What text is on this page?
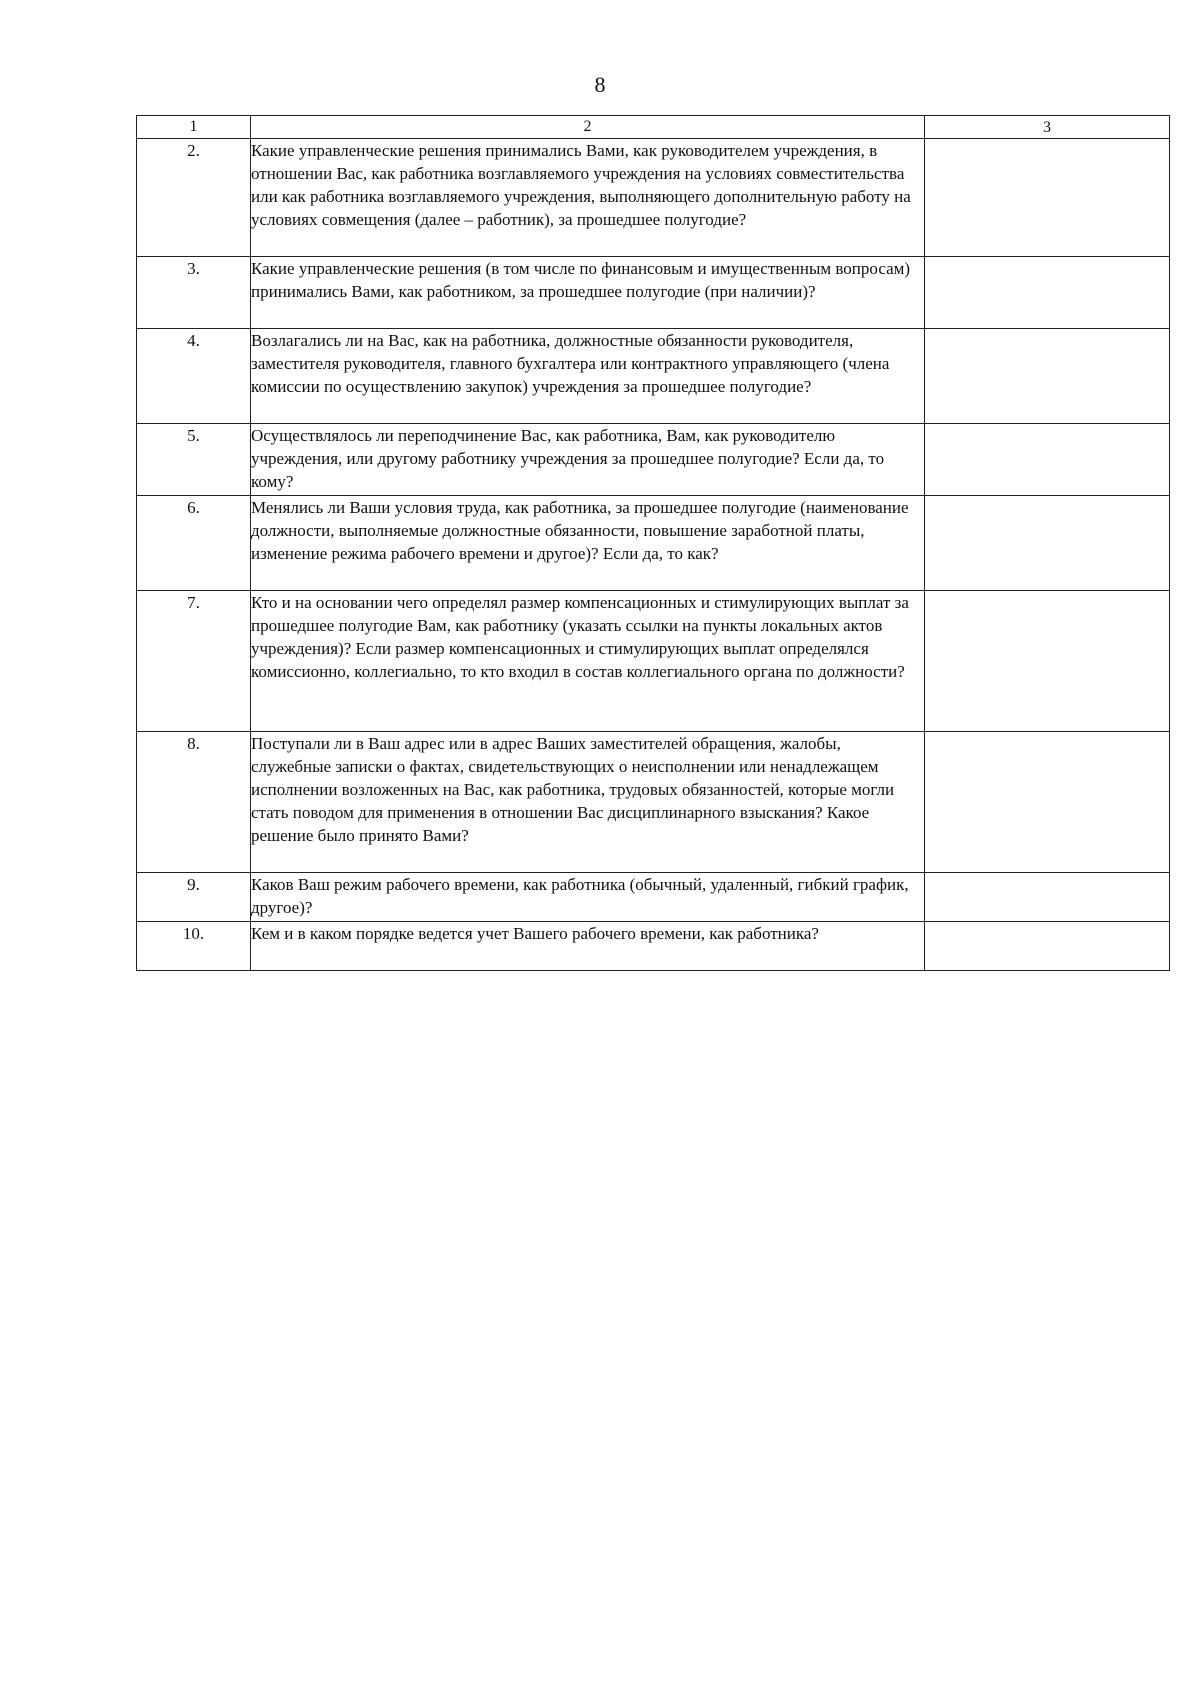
8
1	2	3
2.	Какие управленческие решения принимались Вами, как руководителем учреждения, в отношении Вас, как работника возглавляемого учреждения на условиях совместительства или как работника возглавляемого учреждения, выполняющего дополнительную работу на условиях совмещения (далее – работник), за прошедшее полугодие?	
3.	Какие управленческие решения (в том числе по финансовым и имущественным вопросам) принимались Вами, как работником, за прошедшее полугодие (при наличии)?	
4.	Возлагались ли на Вас, как на работника, должностные обязанности руководителя, заместителя руководителя, главного бухгалтера или контрактного управляющего (члена комиссии по осуществлению закупок) учреждения за прошедшее полугодие?	
5.	Осуществлялось ли переподчинение Вас, как работника, Вам, как руководителю учреждения, или другому работнику учреждения за прошедшее полугодие? Если да, то кому?	
6.	Менялись ли Ваши условия труда, как работника, за прошедшее полугодие (наименование должности, выполняемые должностные обязанности, повышение заработной платы, изменение режима рабочего времени и другое)? Если да, то как?	
7.	Кто и на основании чего определял размер компенсационных и стимулирующих выплат за прошедшее полугодие Вам, как работнику (указать ссылки на пункты локальных актов учреждения)? Если размер компенсационных и стимулирующих выплат определялся комиссионно, коллегиально, то кто входил в состав коллегиального органа по должности?	
8.	Поступали ли в Ваш адрес или в адрес Ваших заместителей обращения, жалобы, служебные записки о фактах, свидетельствующих о неисполнении или ненадлежащем исполнении возложенных на Вас, как работника, трудовых обязанностей, которые могли стать поводом для применения в отношении Вас дисциплинарного взыскания? Какое решение было принято Вами?	
9.	Каков Ваш режим рабочего времени, как работника (обычный, удаленный, гибкий график, другое)?	
10.	Кем и в каком порядке ведется учет Вашего рабочего времени, как работника?	
